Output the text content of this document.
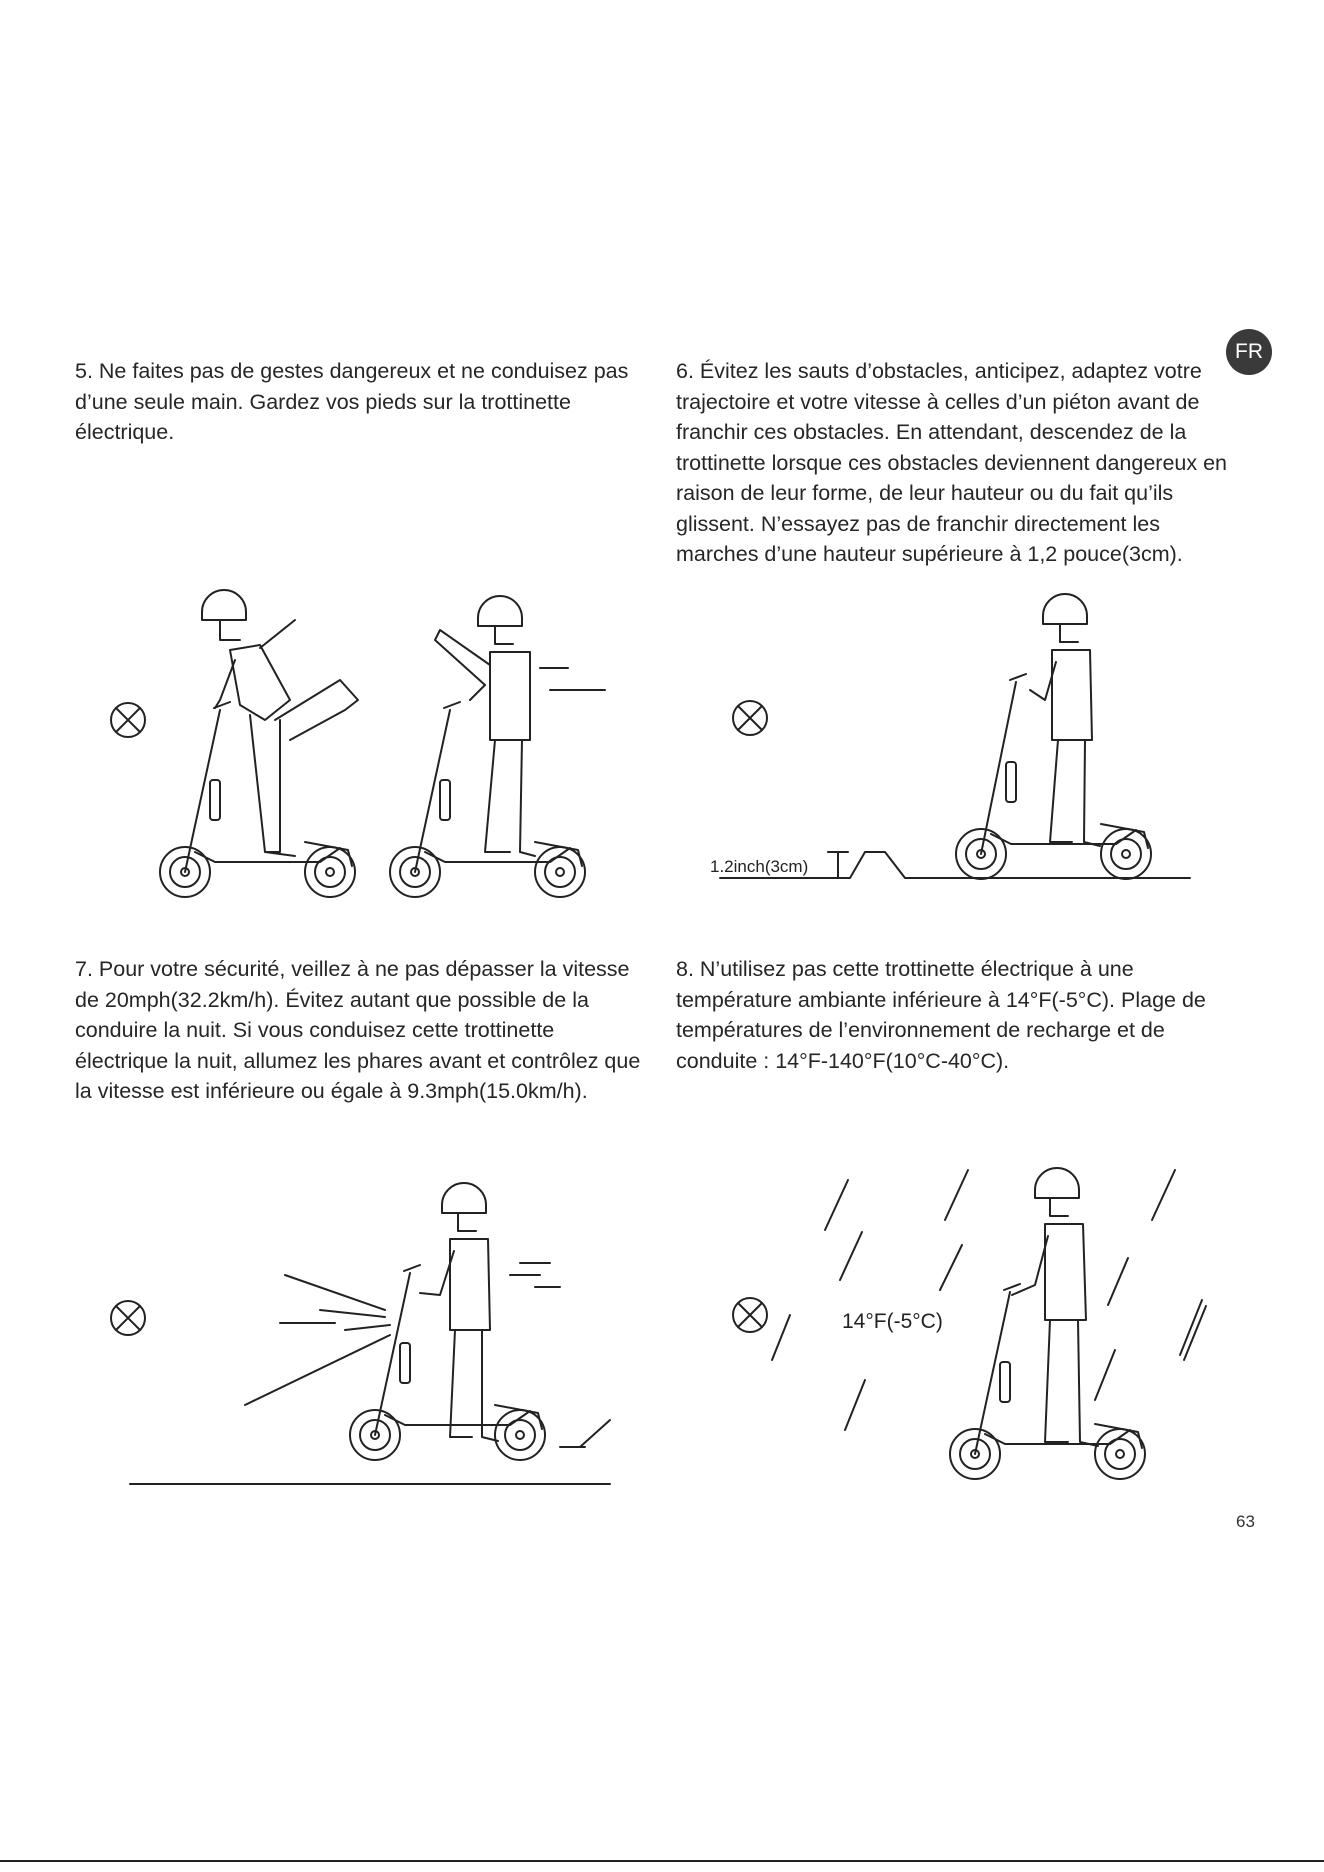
FR

5. Ne faites pas de gestes dangereux et ne conduisez pas d’une seule main. Gardez vos pieds sur la trottinette électrique.

6. Évitez les sauts d’obstacles, anticipez, adaptez votre trajectoire et votre vitesse à celles d’un piéton avant de franchir ces obstacles. En attendant, descendez de la trottinette lorsque ces obstacles deviennent dangereux en raison de leur forme, de leur hauteur ou du fait qu’ils glissent. N’essayez pas de franchir directement les marches d’une hauteur supérieure à 1,2 pouce(3cm).

7. Pour votre sécurité, veillez à ne pas dépasser la vitesse de 20mph(32.2km/h). Évitez autant que possible de la conduire la nuit. Si vous conduisez cette trottinette électrique la nuit, allumez les phares avant et contrôlez que la vitesse est inférieure ou égale à 9.3mph(15.0km/h).

8. N’utilisez pas cette trottinette électrique à une température ambiante inférieure à 14°F(-5°C). Plage de températures de l’environnement de recharge et de conduite : 14°F-140°F(10°C-40°C).

1.2inch(3cm)
14°F(-5°C)
63
